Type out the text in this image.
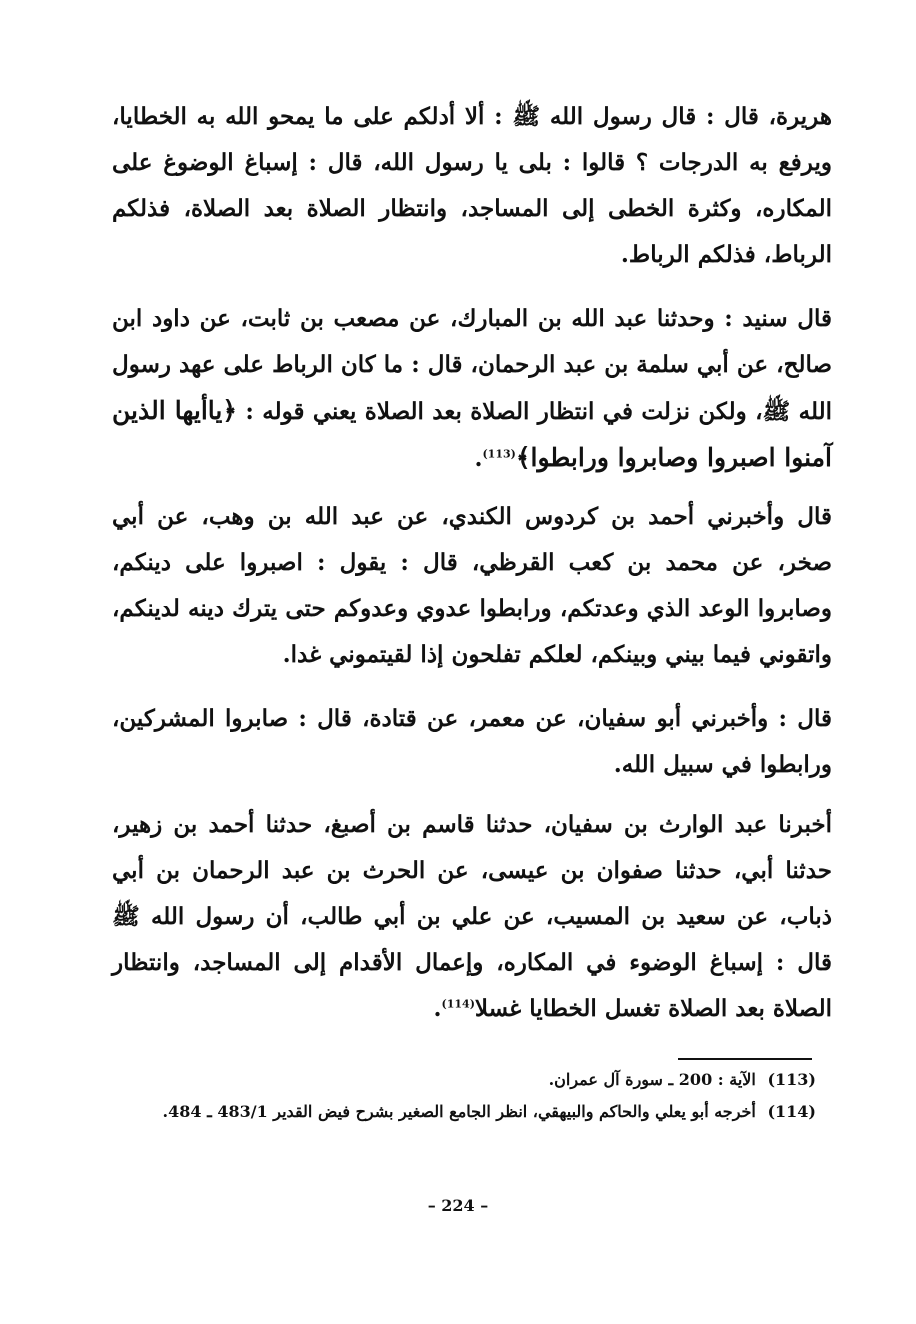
هريرة، قال : قال رسول الله ﷺ : ألا أدلكم على ما يمحو الله به الخطايا، ويرفع به الدرجات ؟ قالوا : بلى يا رسول الله، قال : إسباغ الوضوغ على المكاره، وكثرة الخطى إلى المساجد، وانتظار الصلاة بعد الصلاة، فذلكم الرباط، فذلكم الرباط.
قال سنيد : وحدثنا عبد الله بن المبارك، عن مصعب بن ثابت، عن داود ابن صالح، عن أبي سلمة بن عبد الرحمان، قال : ما كان الرباط على عهد رسول الله ﷺ، ولكن نزلت في انتظار الصلاة بعد الصلاة يعني قوله : ﴿ياأيها الذين آمنوا اصبروا وصابروا ورابطوا﴾$^{(113)}$.
قال وأخبرني أحمد بن كردوس الكندي، عن عبد الله بن وهب، عن أبي صخر، عن محمد بن كعب القرظي، قال : يقول : اصبروا على دينكم، وصابروا الوعد الذي وعدتكم، ورابطوا عدوي وعدوكم حتى يترك دينه لدينكم، واتقوني فيما بيني وبينكم، لعلكم تفلحون إذا لقيتموني غدا.
قال : وأخبرني أبو سفيان، عن معمر، عن قتادة، قال : صابروا المشركين، ورابطوا في سبيل الله.
أخبرنا عبد الوارث بن سفيان، حدثنا قاسم بن أصبغ، حدثنا أحمد بن زهير، حدثنا أبي، حدثنا صفوان بن عيسى، عن الحرث بن عبد الرحمان بن أبي ذباب، عن سعيد بن المسيب، عن علي بن أبي طالب، أن رسول الله ﷺ قال : إسباغ الوضوء في المكاره، وإعمال الأقدام إلى المساجد، وانتظار الصلاة بعد الصلاة تغسل الخطايا غسلا$^{(114)}$.
(113) الآية : 200 ـ سورة آل عمران.
(114) أخرجه أبو يعلي والحاكم والبيهقي، انظر الجامع الصغير بشرح فيض القدير 483/1 ـ 484.
– 224 –
